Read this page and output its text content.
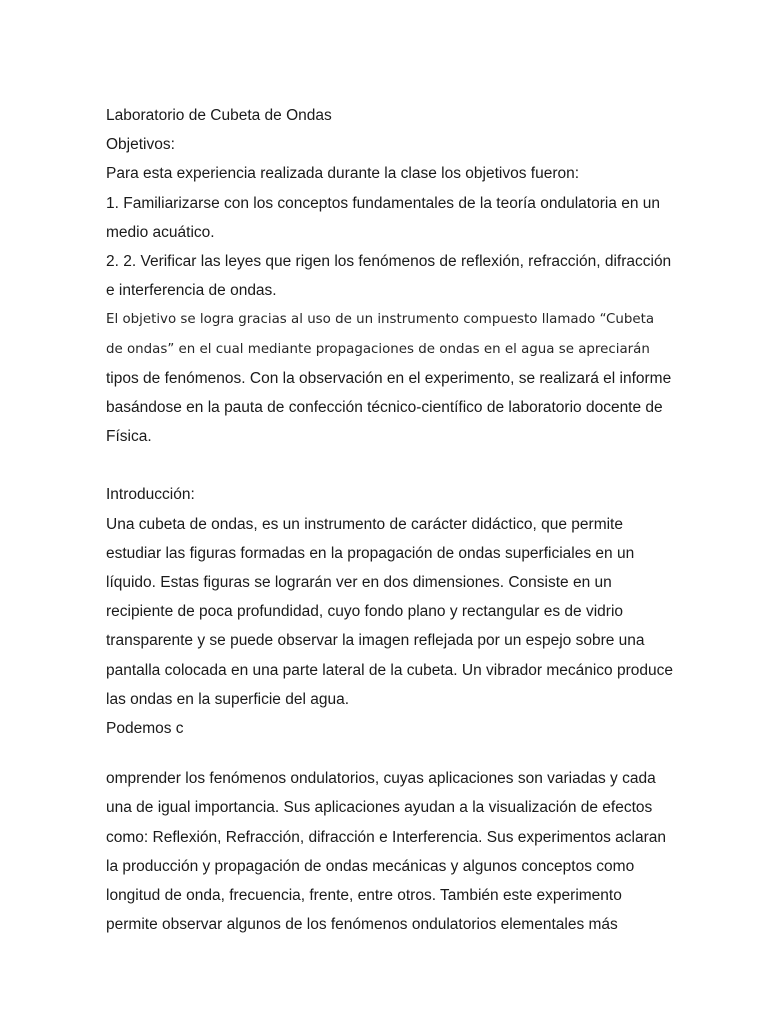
Laboratorio de Cubeta de Ondas
Objetivos:
Para esta experiencia realizada durante la clase los objetivos fueron:
1. Familiarizarse con los conceptos fundamentales de la teoría ondulatoria en un
medio acuático.
2. 2. Verificar las leyes que rigen los fenómenos de reflexión, refracción, difracción
e interferencia de ondas.
El objetivo se logra gracias al uso de un instrumento compuesto llamado “Cubeta
de ondas” en el cual mediante propagaciones de ondas en el agua se apreciarán
tipos de fenómenos. Con la observación en el experimento, se realizará el informe
basándose en la pauta de confección técnico-científico de laboratorio docente de
Física.
Introducción:
Una cubeta de ondas, es un instrumento de carácter didáctico, que permite
estudiar las figuras formadas en la propagación de ondas superficiales en un
líquido. Estas figuras se lograrán ver en dos dimensiones. Consiste en un
recipiente de poca profundidad, cuyo fondo plano y rectangular es de vidrio
transparente y se puede observar la imagen reflejada por un espejo sobre una
pantalla colocada en una parte lateral de la cubeta. Un vibrador mecánico produce
las ondas en la superficie del agua.
Podemos c
omprender los fenómenos ondulatorios, cuyas aplicaciones son variadas y cada
una de igual importancia. Sus aplicaciones ayudan a la visualización de efectos
como: Reflexión, Refracción, difracción e Interferencia. Sus experimentos aclaran
la producción y propagación de ondas mecánicas y algunos conceptos como
longitud de onda, frecuencia, frente, entre otros. También este experimento
permite observar algunos de los fenómenos ondulatorios elementales más
